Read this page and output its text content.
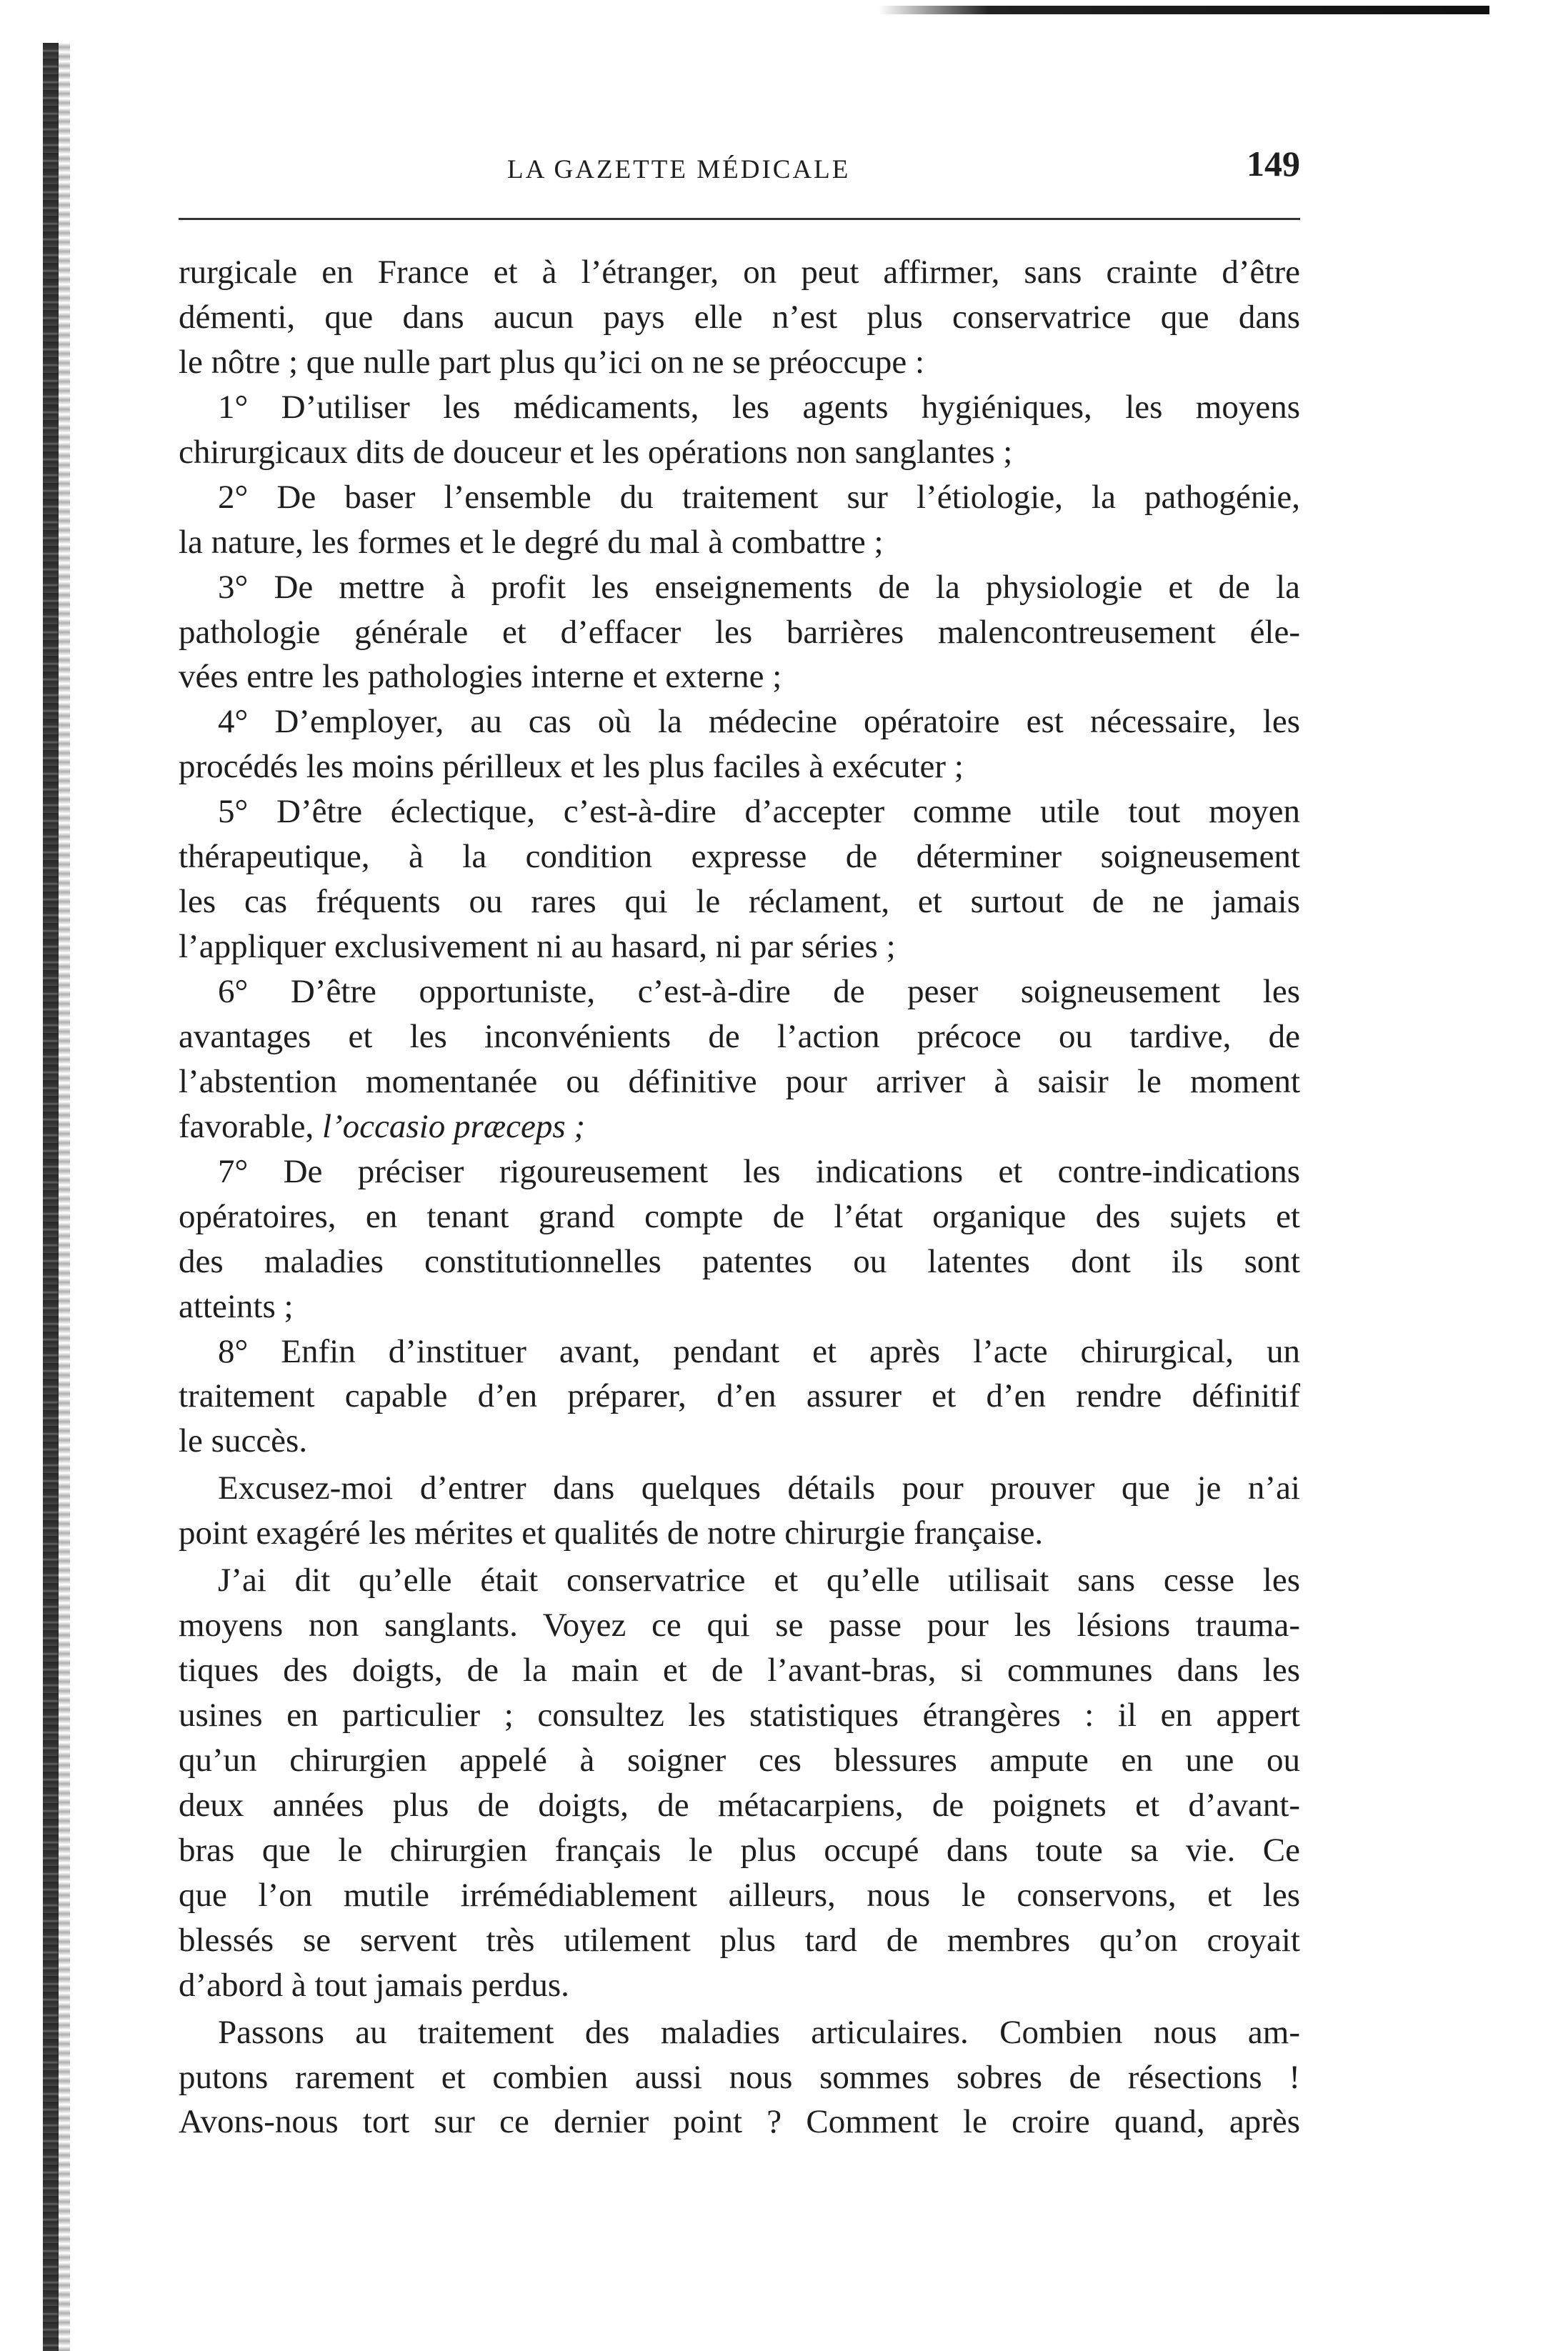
LA GAZETTE MÉDICALE	149
rurgicale en France et à l’étranger, on peut affirmer, sans crainte d’être
démenti, que dans aucun pays elle n’est plus conservatrice que dans
le nôtre ; que nulle part plus qu’ici on ne se préoccupe :
1° D’utiliser les médicaments, les agents hygiéniques, les moyens
chirurgicaux dits de douceur et les opérations non sanglantes ;
2° De baser l’ensemble du traitement sur l’étiologie, la pathogénie,
la nature, les formes et le degré du mal à combattre ;
3° De mettre à profit les enseignements de la physiologie et de la
pathologie générale et d’effacer les barrières malencontreusement éle-
vées entre les pathologies interne et externe ;
4° D’employer, au cas où la médecine opératoire est nécessaire, les
procédés les moins périlleux et les plus faciles à exécuter ;
5° D’être éclectique, c’est-à-dire d’accepter comme utile tout moyen
thérapeutique, à la condition expresse de déterminer soigneusement
les cas fréquents ou rares qui le réclament, et surtout de ne jamais
l’appliquer exclusivement ni au hasard, ni par séries ;
6° D’être opportuniste, c’est-à-dire de peser soigneusement les
avantages et les inconvénients de l’action précoce ou tardive, de
l’abstention momentanée ou définitive pour arriver à saisir le moment
favorable, l’occasio præceps ;
7° De préciser rigoureusement les indications et contre-indications
opératoires, en tenant grand compte de l’état organique des sujets et
des maladies constitutionnelles patentes ou latentes dont ils sont
atteints ;
8° Enfin d’instituer avant, pendant et après l’acte chirurgical, un
traitement capable d’en préparer, d’en assurer et d’en rendre définitif
le succès.
Excusez-moi d’entrer dans quelques détails pour prouver que je n’ai
point exagéré les mérites et qualités de notre chirurgie française.
J’ai dit qu’elle était conservatrice et qu’elle utilisait sans cesse les
moyens non sanglants. Voyez ce qui se passe pour les lésions trauma-
tiques des doigts, de la main et de l’avant-bras, si communes dans les
usines en particulier ; consultez les statistiques étrangères : il en appert
qu’un chirurgien appelé à soigner ces blessures ampute en une ou
deux années plus de doigts, de métacarpiens, de poignets et d’avant-
bras que le chirurgien français le plus occupé dans toute sa vie. Ce
que l’on mutile irrémédiablement ailleurs, nous le conservons, et les
blessés se servent très utilement plus tard de membres qu’on croyait
d’abord à tout jamais perdus.
Passons au traitement des maladies articulaires. Combien nous am-
putons rarement et combien aussi nous sommes sobres de résections !
Avons-nous tort sur ce dernier point ? Comment le croire quand, après
